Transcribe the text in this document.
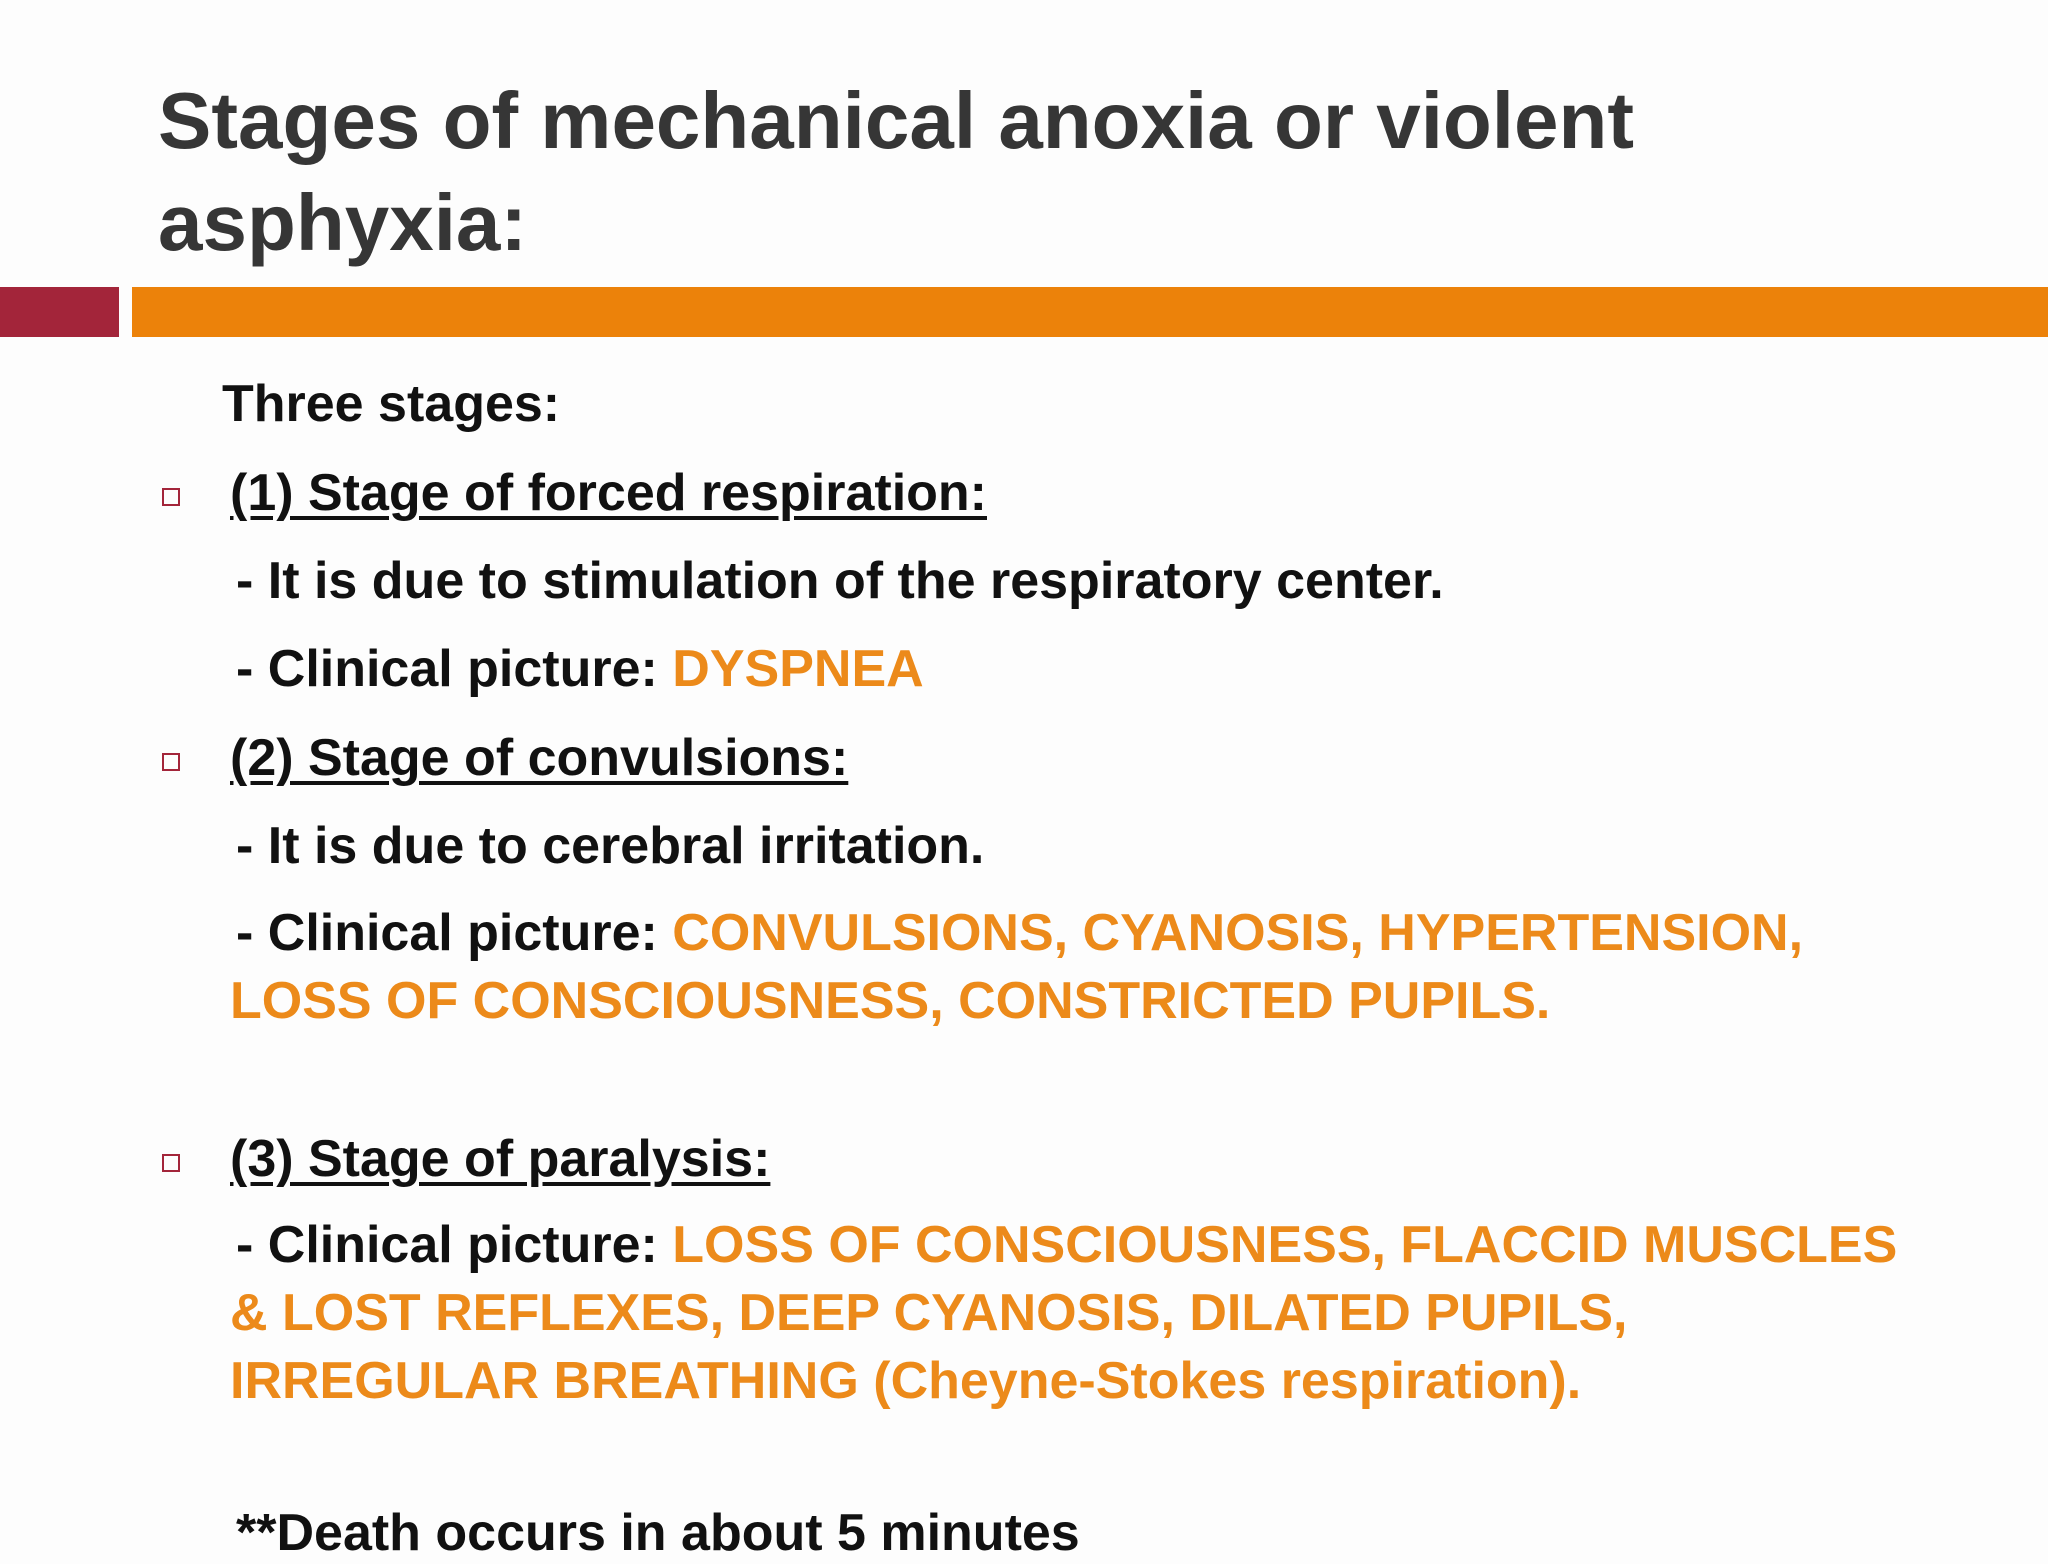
Stages of mechanical anoxia or violent asphyxia:
Three stages:
(1) Stage of forced respiration:
- It is due to stimulation of the respiratory center.
- Clinical picture: DYSPNEA
(2) Stage of convulsions:
- It is due to cerebral irritation.
- Clinical picture: CONVULSIONS, CYANOSIS, HYPERTENSION, LOSS OF CONSCIOUSNESS, CONSTRICTED PUPILS.
(3) Stage of paralysis:
- Clinical picture: LOSS OF CONSCIOUSNESS, FLACCID MUSCLES & LOST REFLEXES, DEEP CYANOSIS, DILATED PUPILS, IRREGULAR BREATHING (Cheyne-Stokes respiration).
**Death occurs in about 5 minutes
